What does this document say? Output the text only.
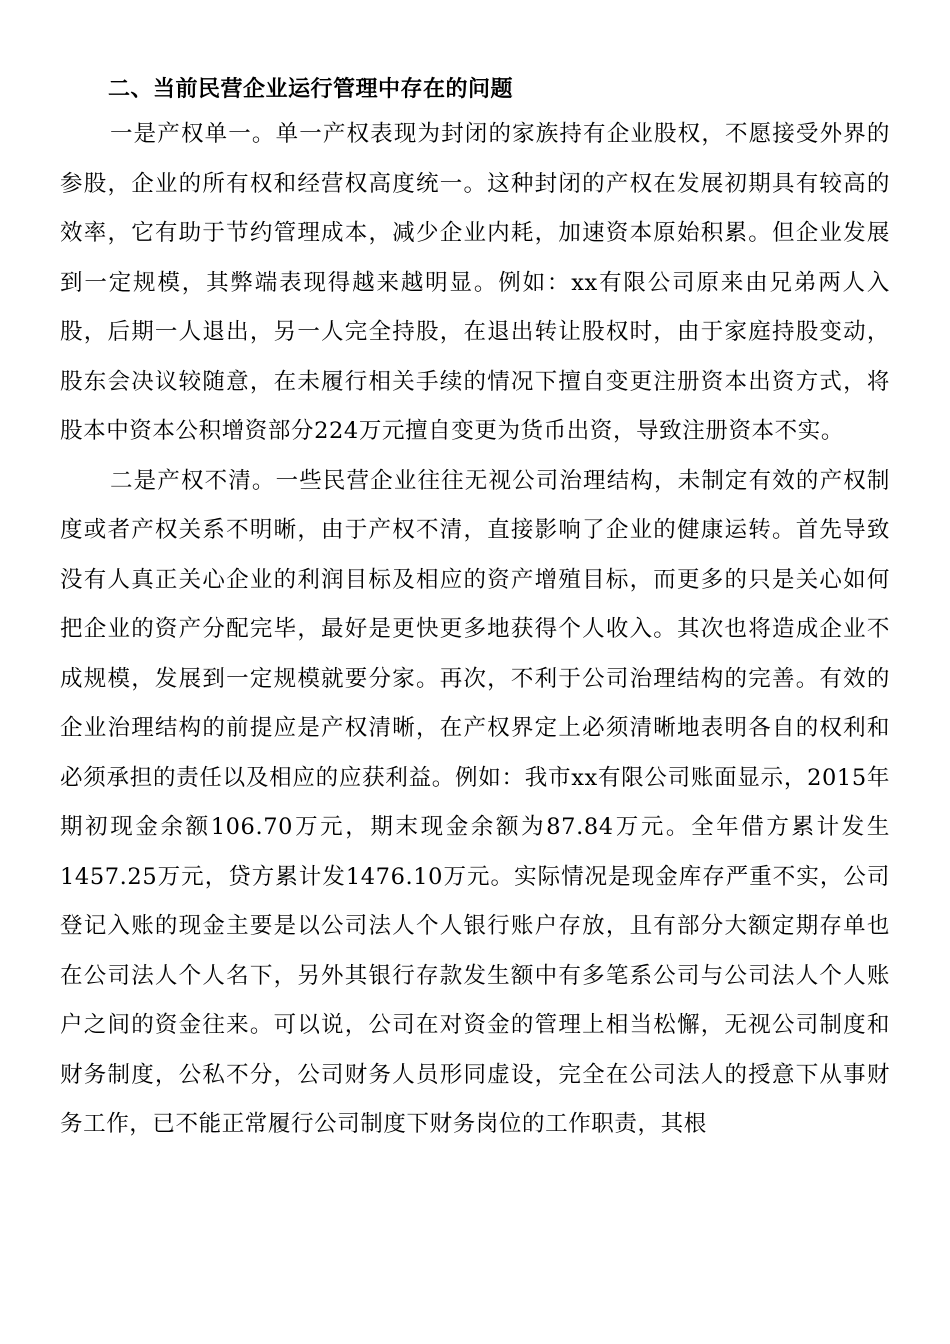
二、当前民营企业运行管理中存在的问题

一是产权单一。单一产权表现为封闭的家族持有企业股权，不愿接受外界的参股，企业的所有权和经营权高度统一。这种封闭的产权在发展初期具有较高的效率，它有助于节约管理成本，减少企业内耗，加速资本原始积累。但企业发展到一定规模，其弊端表现得越来越明显。例如：xx有限公司原来由兄弟两人入股，后期一人退出，另一人完全持股，在退出转让股权时，由于家庭持股变动，股东会决议较随意，在未履行相关手续的情况下擅自变更注册资本出资方式，将股本中资本公积增资部分224万元擅自变更为货币出资，导致注册资本不实。

二是产权不清。一些民营企业往往无视公司治理结构，未制定有效的产权制度或者产权关系不明晰，由于产权不清，直接影响了企业的健康运转。首先导致没有人真正关心企业的利润目标及相应的资产增殖目标，而更多的只是关心如何把企业的资产分配完毕，最好是更快更多地获得个人收入。其次也将造成企业不成规模，发展到一定规模就要分家。再次，不利于公司治理结构的完善。有效的企业治理结构的前提应是产权清晰，在产权界定上必须清晰地表明各自的权利和必须承担的责任以及相应的应获利益。例如：我市xx有限公司账面显示，2015年期初现金余额106.70万元，期末现金余额为87.84万元。全年借方累计发生1457.25万元，贷方累计发1476.10万元。实际情况是现金库存严重不实，公司登记入账的现金主要是以公司法人个人银行账户存放，且有部分大额定期存单也在公司法人个人名下，另外其银行存款发生额中有多笔系公司与公司法人个人账户之间的资金往来。可以说，公司在对资金的管理上相当松懈，无视公司制度和财务制度，公私不分，公司财务人员形同虚设，完全在公司法人的授意下从事财务工作，已不能正常履行公司制度下财务岗位的工作职责，其根
